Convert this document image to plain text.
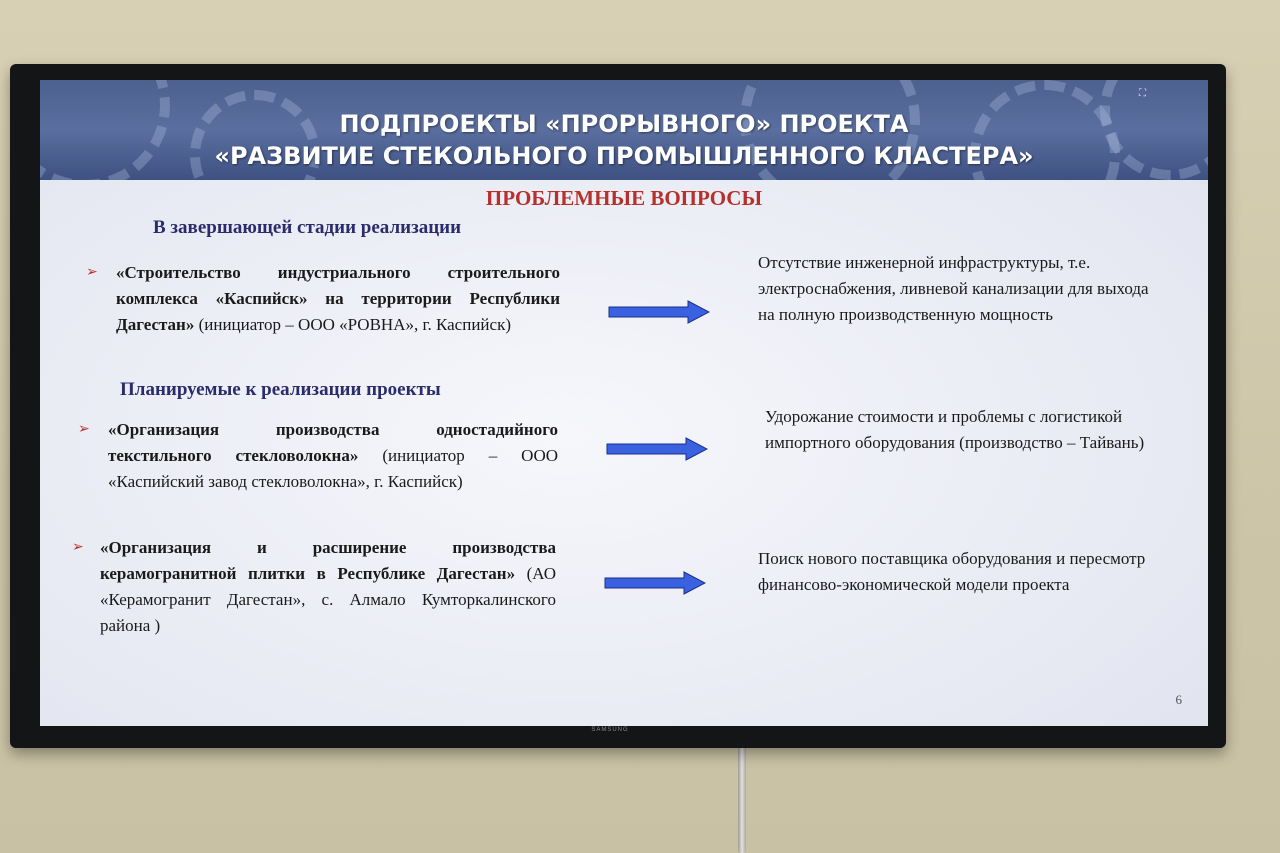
SAMSUNG
ПОДПРОЕКТЫ «ПРОРЫВНОГО» ПРОЕКТА
«РАЗВИТИЕ СТЕКОЛЬНОГО ПРОМЫШЛЕННОГО КЛАСТЕРА»
⛶
ПРОБЛЕМНЫЕ ВОПРОСЫ
В завершающей стадии реализации
➢ «Строительство индустриального строительного комплекса «Каспийск» на территории Республики Дагестан» (инициатор – ООО «РОВНА», г. Каспийск)
Планируемые к реализации проекты
➢ «Организация производства одностадийного текстильного стекловолокна» (инициатор – ООО «Каспийский завод стекловолокна», г. Каспийск)
➢ «Организация и расширение производства керамогранитной плитки в Республике Дагестан» (АО «Керамогранит Дагестан», с. Алмало Кумторкалинского района )
Отсутствие инженерной инфраструктуры, т.е. электроснабжения, ливневой канализации для выхода на полную производственную мощность
Удорожание стоимости и проблемы с логистикой импортного оборудования (производство – Тайвань)
Поиск нового поставщика оборудования и пересмотр финансово-экономической модели проекта
6
